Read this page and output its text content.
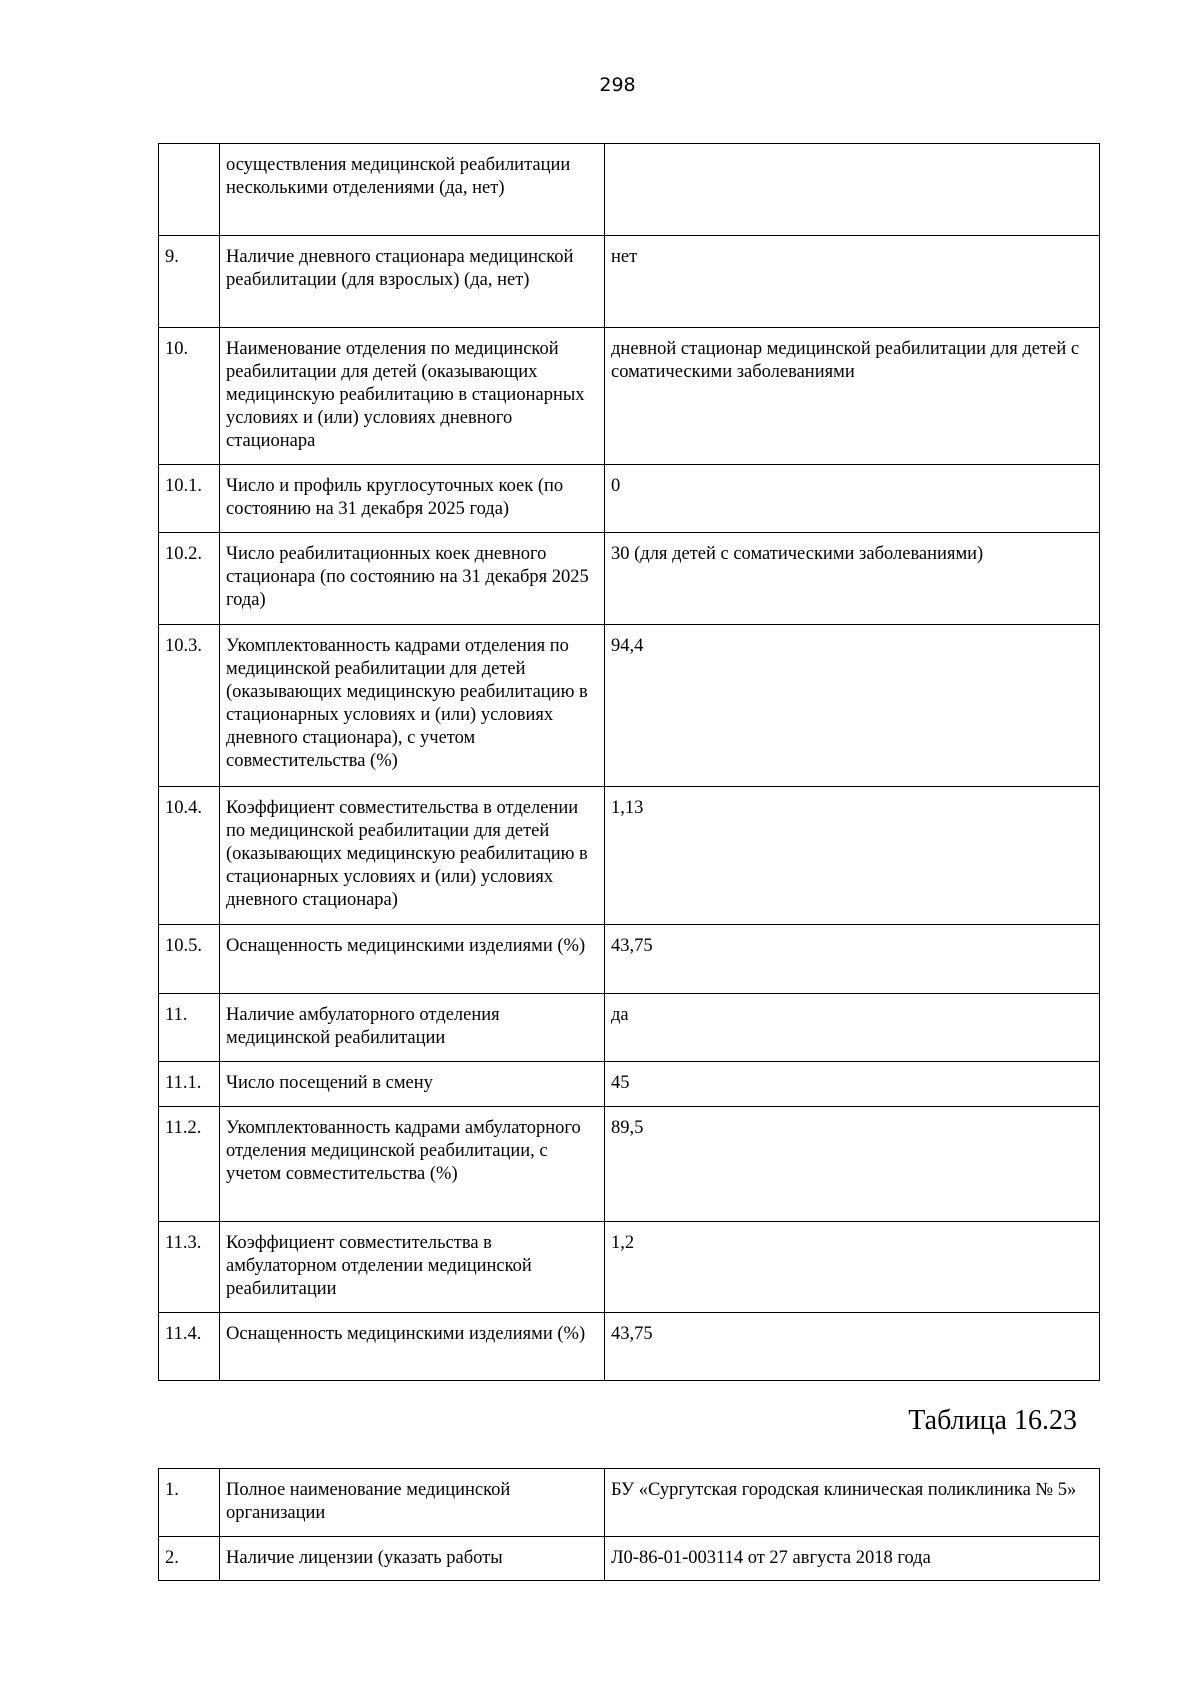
298
	осуществления медицинской реабилитации несколькими отделениями (да, нет)	
9.	Наличие дневного стационара медицинской реабилитации (для взрослых) (да, нет)	нет
10.	Наименование отделения по медицинской реабилитации для детей (оказывающих медицинскую реабилитацию в стационарных условиях и (или) условиях дневного стационара	дневной стационар медицинской реабилитации для детей с соматическими заболеваниями
10.1.	Число и профиль круглосуточных коек (по состоянию на 31 декабря 2025 года)	0
10.2.	Число реабилитационных коек дневного стационара (по состоянию на 31 декабря 2025 года)	30 (для детей с соматическими заболеваниями)
10.3.	Укомплектованность кадрами отделения по медицинской реабилитации для детей (оказывающих медицинскую реабилитацию в стационарных условиях и (или) условиях дневного стационара), с учетом совместительства (%)	94,4
10.4.	Коэффициент совместительства в отделении по медицинской реабилитации для детей (оказывающих медицинскую реабилитацию в стационарных условиях и (или) условиях дневного стационара)	1,13
10.5.	Оснащенность медицинскими изделиями (%)	43,75
11.	Наличие амбулаторного отделения медицинской реабилитации	да
11.1.	Число посещений в смену	45
11.2.	Укомплектованность кадрами амбулаторного отделения медицинской реабилитации, с учетом совместительства (%)	89,5
11.3.	Коэффициент совместительства в амбулаторном отделении медицинской реабилитации	1,2
11.4.	Оснащенность медицинскими изделиями (%)	43,75
Таблица 16.23
1.	Полное наименование медицинской организации	БУ «Сургутская городская клиническая поликлиника № 5»
2.	Наличие лицензии (указать работы	Л0-86-01-003114 от 27 августа 2018 года
